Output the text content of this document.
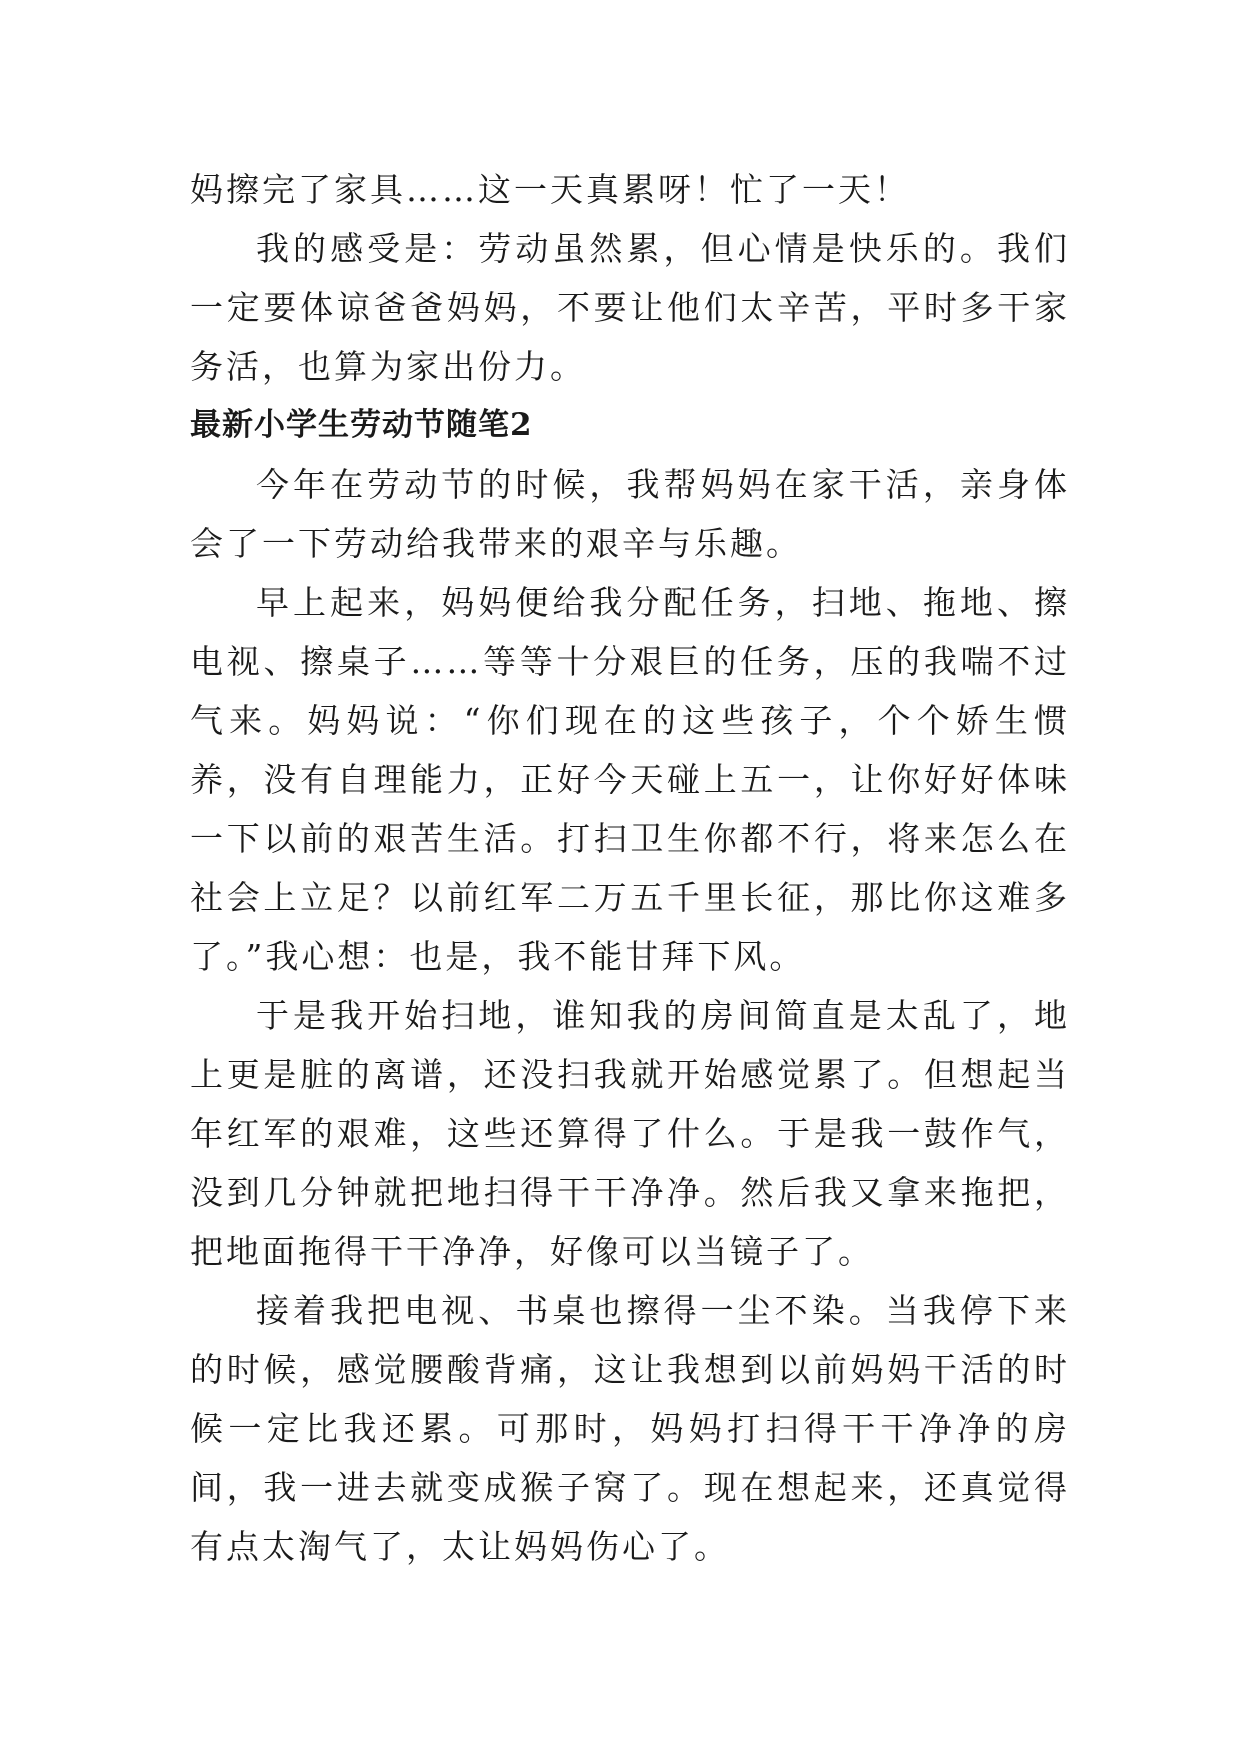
妈擦完了家具……这一天真累呀！忙了一天！

我的感受是：劳动虽然累，但心情是快乐的。我们一定要体谅爸爸妈妈，不要让他们太辛苦，平时多干家务活，也算为家出份力。

最新小学生劳动节随笔2

今年在劳动节的时候，我帮妈妈在家干活，亲身体会了一下劳动给我带来的艰辛与乐趣。

早上起来，妈妈便给我分配任务，扫地、拖地、擦电视、擦桌子……等等十分艰巨的任务，压的我喘不过气来。妈妈说：“你们现在的这些孩子，个个娇生惯养，没有自理能力，正好今天碰上五一，让你好好体味一下以前的艰苦生活。打扫卫生你都不行，将来怎么在社会上立足？以前红军二万五千里长征，那比你这难多了。”我心想：也是，我不能甘拜下风。

于是我开始扫地，谁知我的房间简直是太乱了，地上更是脏的离谱，还没扫我就开始感觉累了。但想起当年红军的艰难，这些还算得了什么。于是我一鼓作气，没到几分钟就把地扫得干干净净。然后我又拿来拖把，把地面拖得干干净净，好像可以当镜子了。

接着我把电视、书桌也擦得一尘不染。当我停下来的时候，感觉腰酸背痛，这让我想到以前妈妈干活的时候一定比我还累。可那时，妈妈打扫得干干净净的房间，我一进去就变成猴子窝了。现在想起来，还真觉得有点太淘气了，太让妈妈伤心了。
